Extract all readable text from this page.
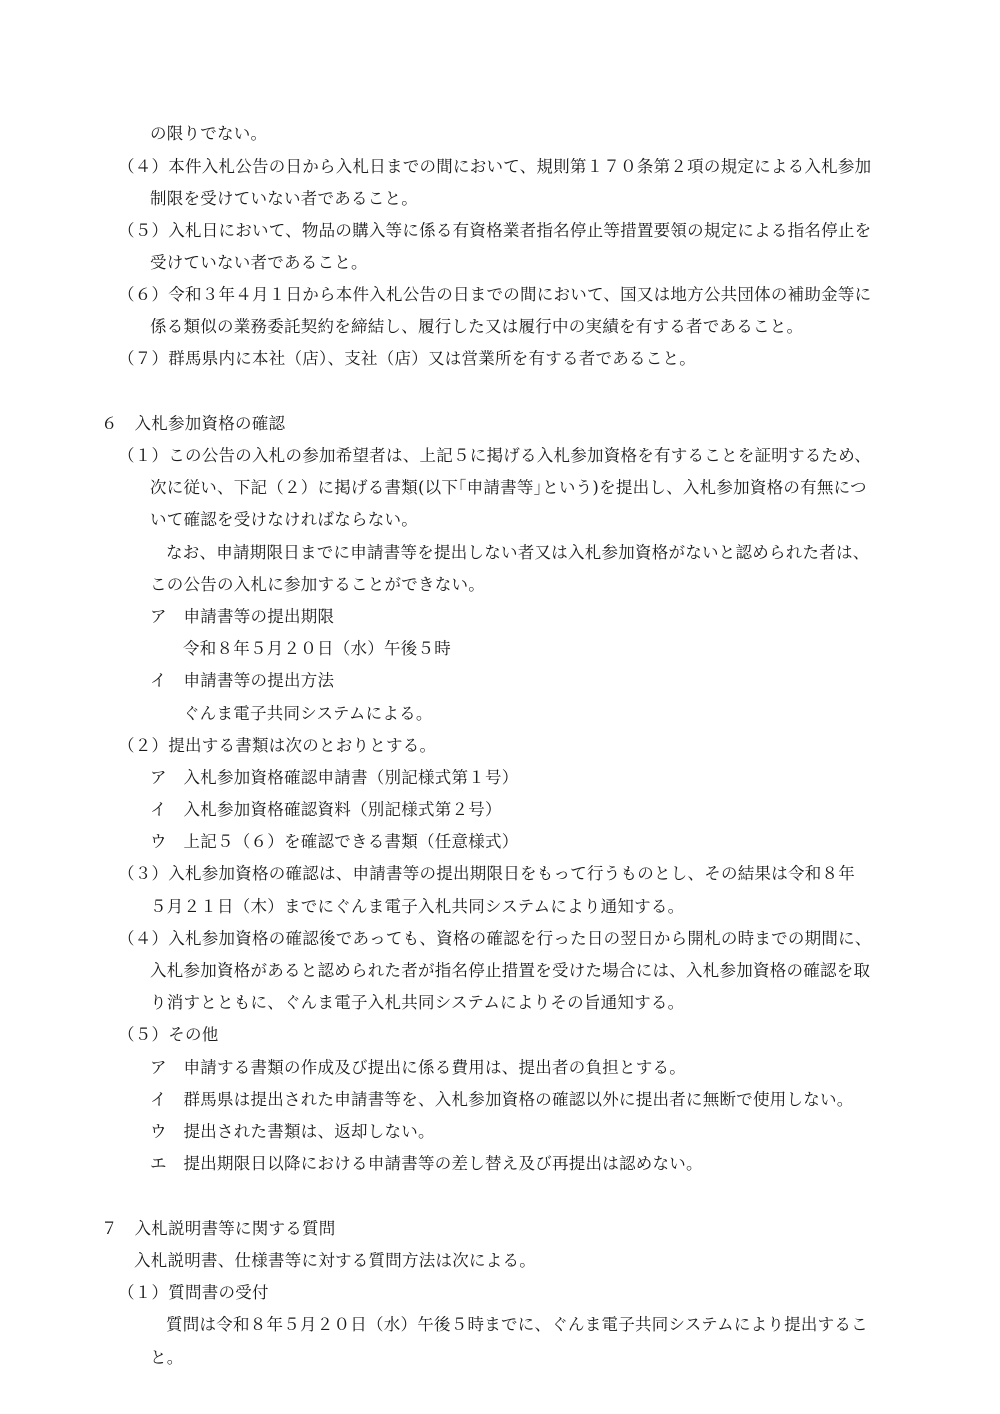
の限りでない。
（４）本件入札公告の日から入札日までの間において、規則第１７０条第２項の規定による入札参加
制限を受けていない者であること。
（５）入札日において、物品の購入等に係る有資格業者指名停止等措置要領の規定による指名停止を
受けていない者であること。
（６）令和３年４月１日から本件入札公告の日までの間において、国又は地方公共団体の補助金等に
係る類似の業務委託契約を締結し、履行した又は履行中の実績を有する者であること。
（７）群馬県内に本社（店）、支社（店）又は営業所を有する者であること。
６　入札参加資格の確認
（１）この公告の入札の参加希望者は、上記５に掲げる入札参加資格を有することを証明するため、
次に従い、下記（２）に掲げる書類(以下｢申請書等｣という)を提出し、入札参加資格の有無につ
いて確認を受けなければならない。
なお、申請期限日までに申請書等を提出しない者又は入札参加資格がないと認められた者は、
この公告の入札に参加することができない。
ア　申請書等の提出期限
令和８年５月２０日（水）午後５時
イ　申請書等の提出方法
ぐんま電子共同システムによる。
（２）提出する書類は次のとおりとする。
ア　入札参加資格確認申請書（別記様式第１号）
イ　入札参加資格確認資料（別記様式第２号）
ウ　上記５（６）を確認できる書類（任意様式）
（３）入札参加資格の確認は、申請書等の提出期限日をもって行うものとし、その結果は令和８年
５月２１日（木）までにぐんま電子入札共同システムにより通知する。
（４）入札参加資格の確認後であっても、資格の確認を行った日の翌日から開札の時までの期間に、
入札参加資格があると認められた者が指名停止措置を受けた場合には、入札参加資格の確認を取
り消すとともに、ぐんま電子入札共同システムによりその旨通知する。
（５）その他
ア　申請する書類の作成及び提出に係る費用は、提出者の負担とする。
イ　群馬県は提出された申請書等を、入札参加資格の確認以外に提出者に無断で使用しない。
ウ　提出された書類は、返却しない。
エ　提出期限日以降における申請書等の差し替え及び再提出は認めない。
７　入札説明書等に関する質問
入札説明書、仕様書等に対する質問方法は次による。
（１）質問書の受付
質問は令和８年５月２０日（水）午後５時までに、ぐんま電子共同システムにより提出するこ
と。
